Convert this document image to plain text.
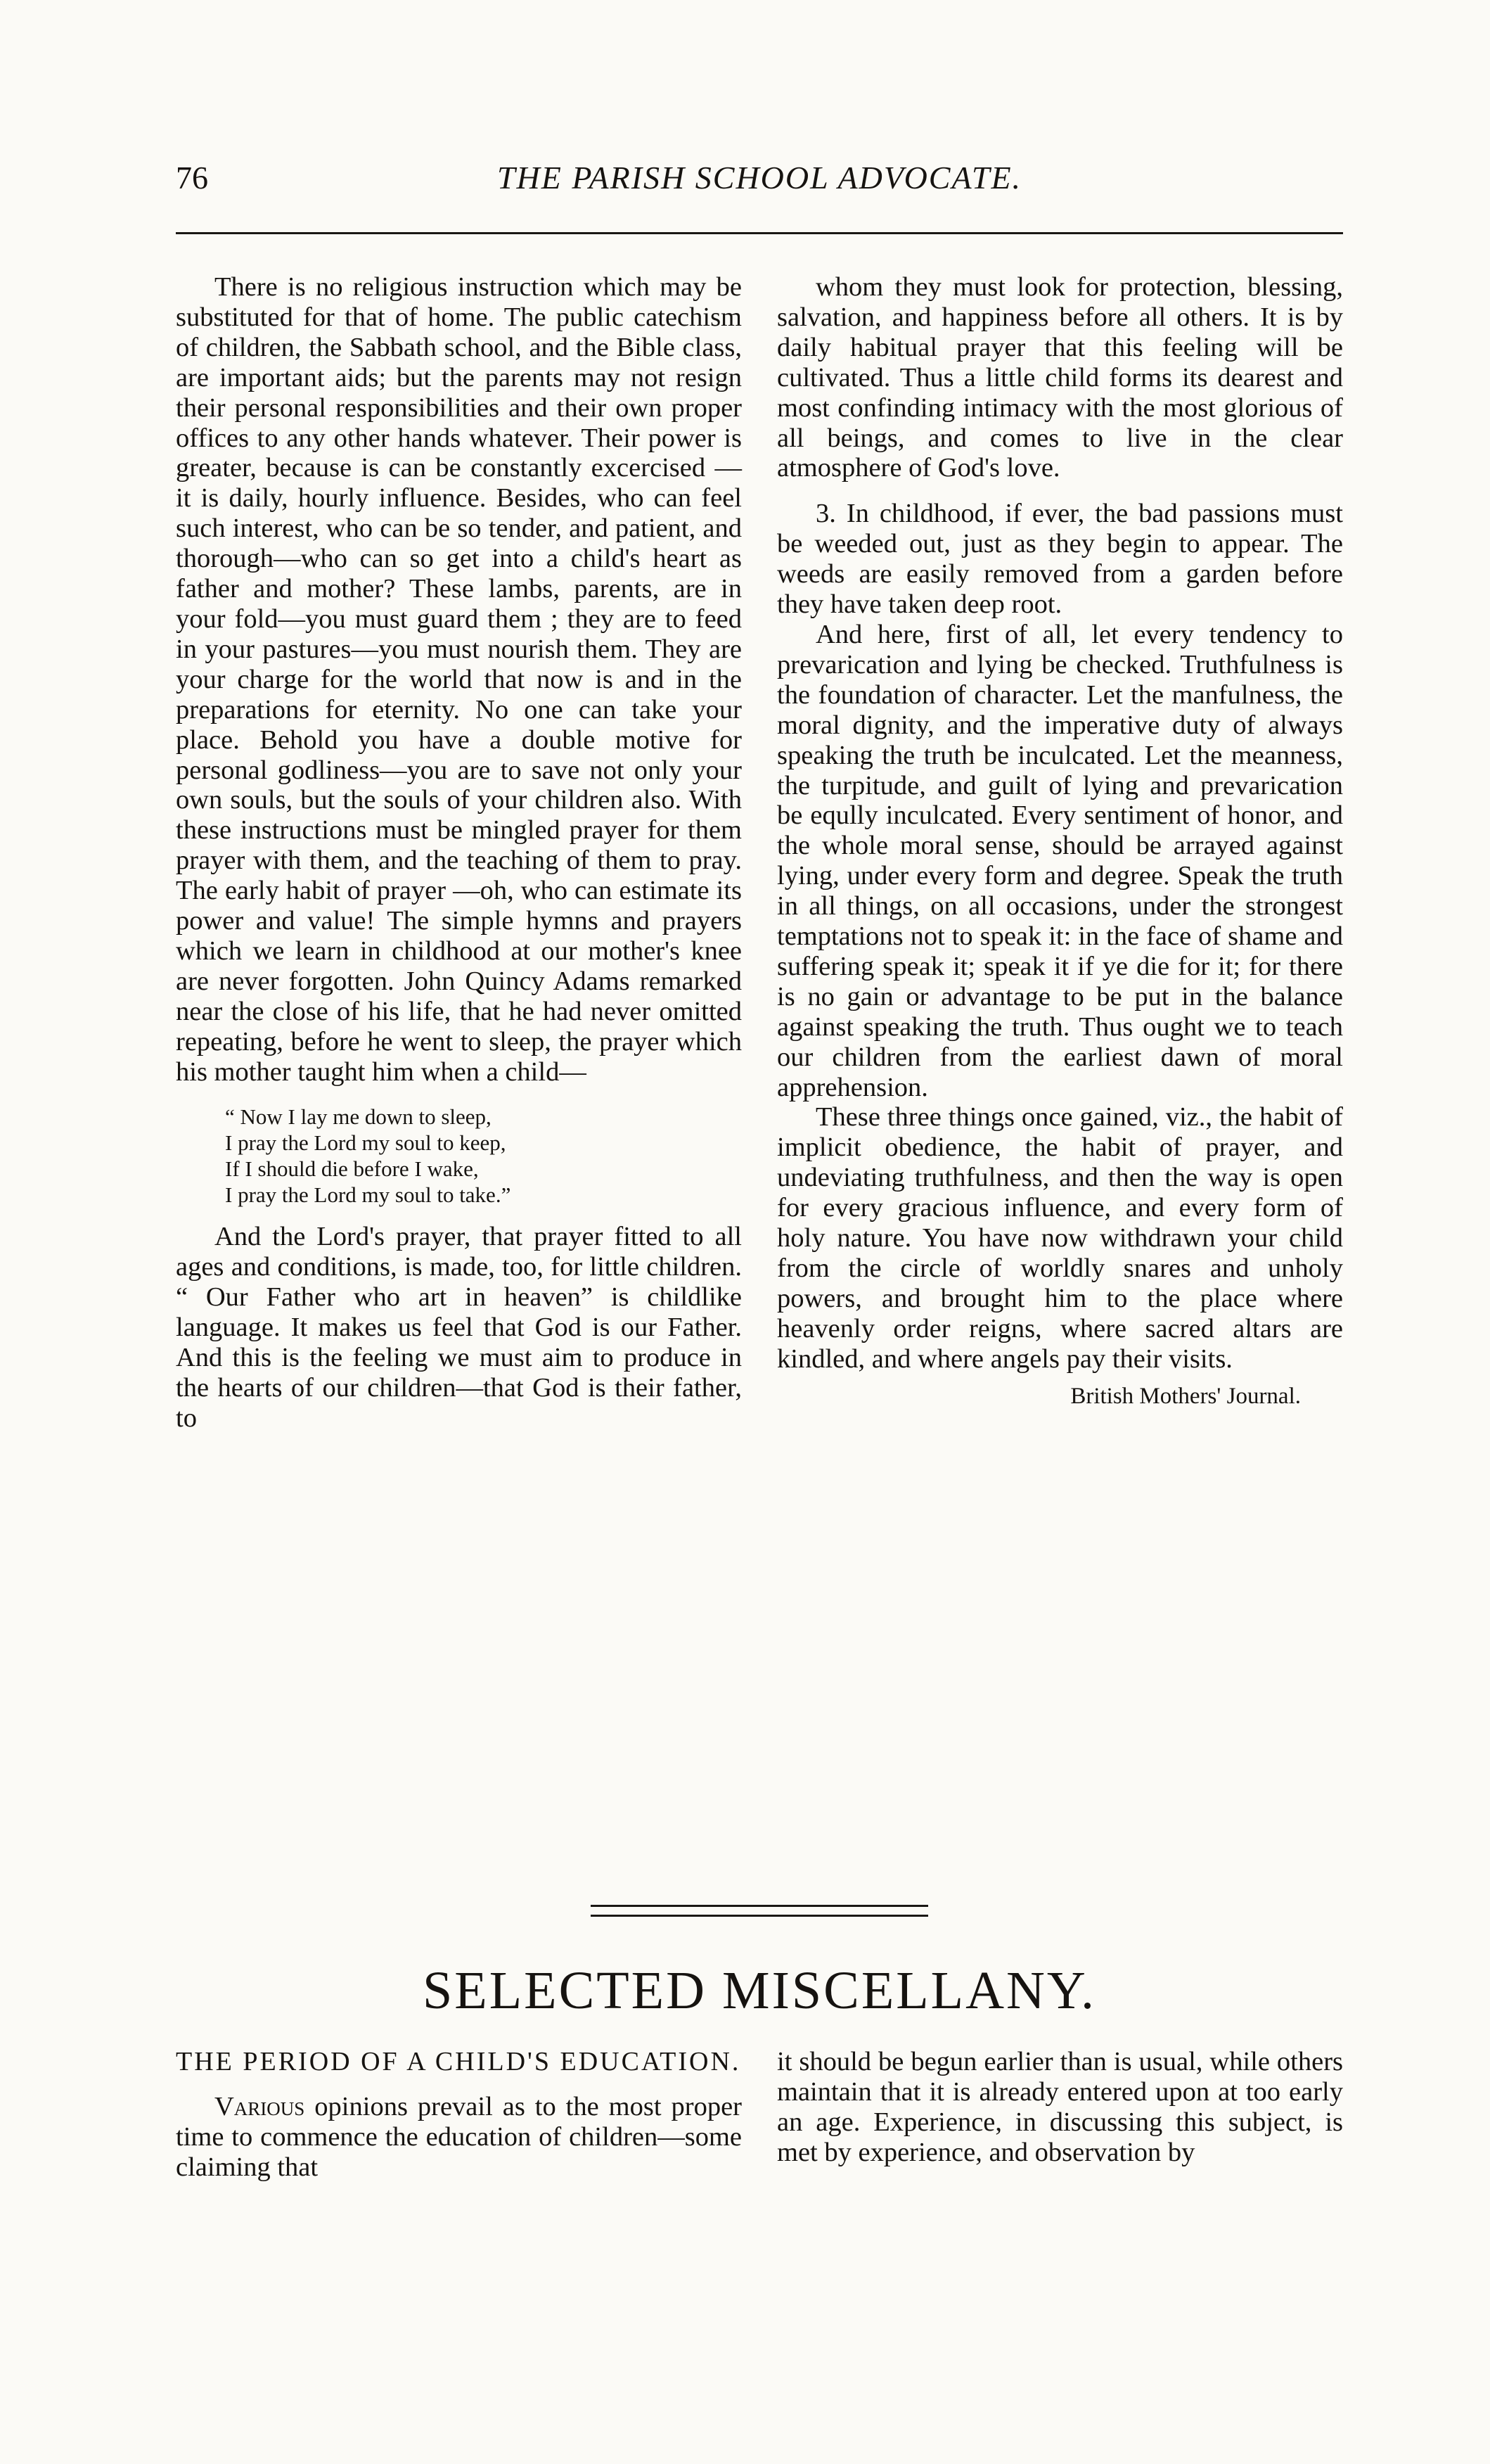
76	THE PARISH SCHOOL ADVOCATE.

There is no religious instruction which may be substituted for that of home. The public catechism of children, the Sabbath school, and the Bible class, are important aids; but the parents may not resign their personal responsibilities and their own proper offices to any other hands whatever. Their power is greater, because is can be constantly excercised — it is daily, hourly influence. Besides, who can feel such interest, who can be so tender, and patient, and thorough—who can so get into a child's heart as father and mother? These lambs, parents, are in your fold—you must guard them ; they are to feed in your pastures—you must nourish them. They are your charge for the world that now is and in the preparations for eternity. No one can take your place. Behold you have a double motive for personal godliness—you are to save not only your own souls, but the souls of your children also. With these instructions must be mingled prayer for them prayer with them, and the teaching of them to pray. The early habit of prayer —oh, who can estimate its power and value! The simple hymns and prayers which we learn in childhood at our mother's knee are never forgotten. John Quincy Adams remarked near the close of his life, that he had never omitted repeating, before he went to sleep, the prayer which his mother taught him when a child—

“ Now I lay me down to sleep,
I pray the Lord my soul to keep,
If I should die before I wake,
I pray the Lord my soul to take.”

And the Lord's prayer, that prayer fitted to all ages and conditions, is made, too, for little children. “ Our Father who art in heaven” is childlike language. It makes us feel that God is our Father. And this is the feeling we must aim to produce in the hearts of our children—that God is their father, to

whom they must look for protection, blessing, salvation, and happiness before all others. It is by daily habitual prayer that this feeling will be cultivated. Thus a little child forms its dearest and most confinding intimacy with the most glorious of all beings, and comes to live in the clear atmosphere of God's love.

3. In childhood, if ever, the bad passions must be weeded out, just as they begin to appear. The weeds are easily removed from a garden before they have taken deep root.

And here, first of all, let every tendency to prevarication and lying be checked. Truthfulness is the foundation of character. Let the manfulness, the moral dignity, and the imperative duty of always speaking the truth be inculcated. Let the meanness, the turpitude, and guilt of lying and prevarication be eqully inculcated. Every sentiment of honor, and the whole moral sense, should be arrayed against lying, under every form and degree. Speak the truth in all things, on all occasions, under the strongest temptations not to speak it: in the face of shame and suffering speak it; speak it if ye die for it; for there is no gain or advantage to be put in the balance against speaking the truth. Thus ought we to teach our children from the earliest dawn of moral apprehension.

These three things once gained, viz., the habit of implicit obedience, the habit of prayer, and undeviating truthfulness, and then the way is open for every gracious influence, and every form of holy nature. You have now withdrawn your child from the circle of worldly snares and unholy powers, and brought him to the place where heavenly order reigns, where sacred altars are kindled, and where angels pay their visits.

British Mothers' Journal.
SELECTED MISCELLANY.

THE PERIOD OF A CHILD'S EDUCATION.

Various opinions prevail as to the most proper time to commence the education of children—some claiming that

it should be begun earlier than is usual, while others maintain that it is already entered upon at too early an age. Experience, in discussing this subject, is met by experience, and observation by
